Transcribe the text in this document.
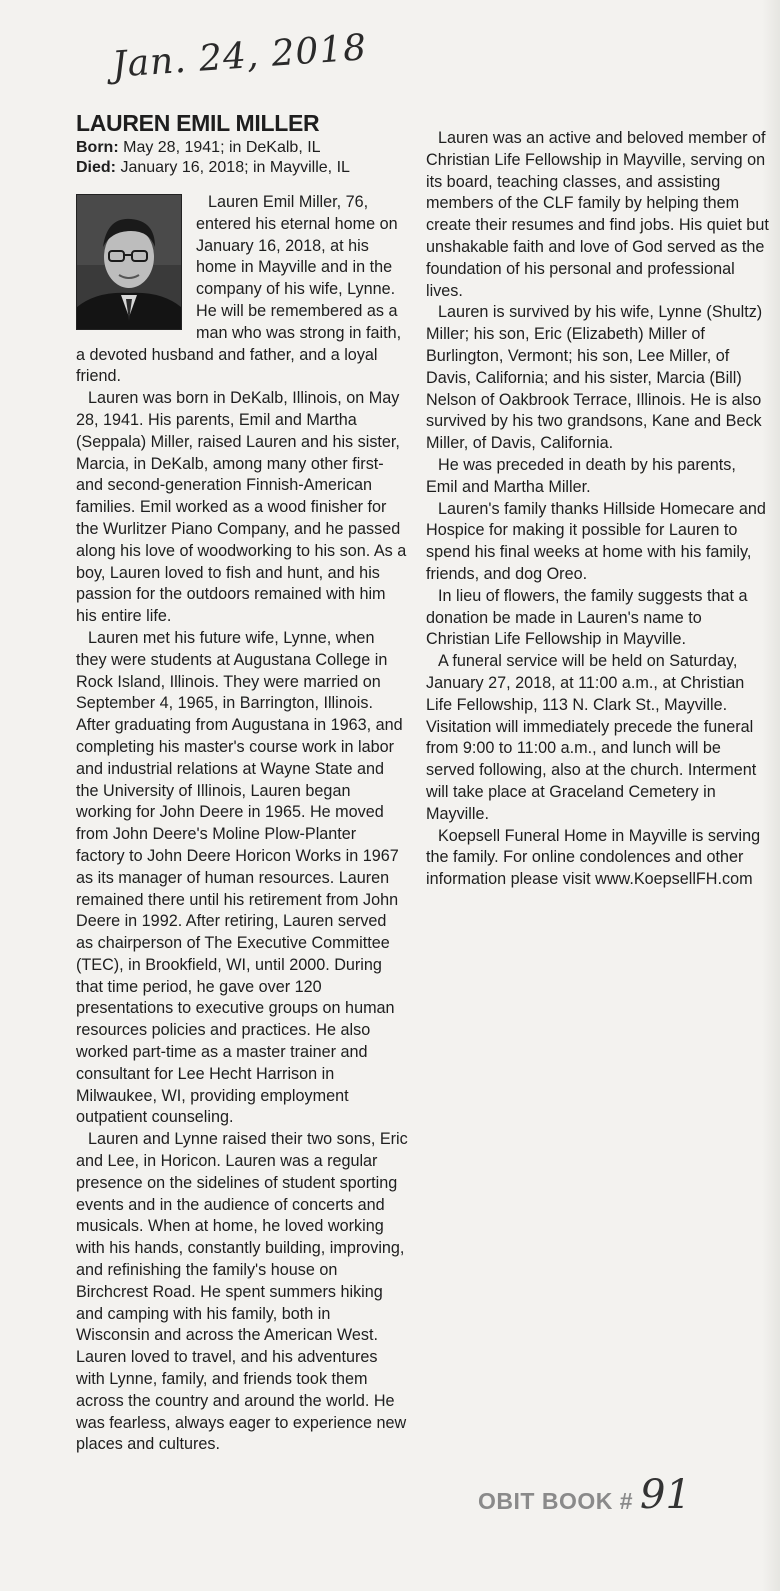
Jan. 24, 2018
LAUREN EMIL MILLER
Born: May 28, 1941; in DeKalb, IL
Died: January 16, 2018; in Mayville, IL

Lauren Emil Miller, 76, entered his eternal home on January 16, 2018, at his home in Mayville and in the company of his wife, Lynne. He will be remembered as a man who was strong in faith, a devoted husband and father, and a loyal friend.

Lauren was born in DeKalb, Illinois, on May 28, 1941. His parents, Emil and Martha (Seppala) Miller, raised Lauren and his sister, Marcia, in DeKalb, among many other first- and second-generation Finnish-American families. Emil worked as a wood finisher for the Wurlitzer Piano Company, and he passed along his love of woodworking to his son. As a boy, Lauren loved to fish and hunt, and his passion for the outdoors remained with him his entire life.

Lauren met his future wife, Lynne, when they were students at Augustana College in Rock Island, Illinois. They were married on September 4, 1965, in Barrington, Illinois. After graduating from Augustana in 1963, and completing his master's course work in labor and industrial relations at Wayne State and the University of Illinois, Lauren began working for John Deere in 1965. He moved from John Deere's Moline Plow-Planter factory to John Deere Horicon Works in 1967 as its manager of human resources. Lauren remained there until his retirement from John Deere in 1992. After retiring, Lauren served as chairperson of The Executive Committee (TEC), in Brookfield, WI, until 2000. During that time period, he gave over 120 presentations to executive groups on human resources policies and practices. He also worked part-time as a master trainer and consultant for Lee Hecht Harrison in Milwaukee, WI, providing employment outpatient counseling.

Lauren and Lynne raised their two sons, Eric and Lee, in Horicon. Lauren was a regular presence on the sidelines of student sporting events and in the audience of concerts and musicals. When at home, he loved working with his hands, constantly building, improving, and refinishing the family's house on Birchcrest Road. He spent summers hiking and camping with his family, both in Wisconsin and across the American West. Lauren loved to travel, and his adventures with Lynne, family, and friends took them across the country and around the world. He was fearless, always eager to experience new places and cultures.

Lauren was an active and beloved member of Christian Life Fellowship in Mayville, serving on its board, teaching classes, and assisting members of the CLF family by helping them create their resumes and find jobs. His quiet but unshakable faith and love of God served as the foundation of his personal and professional lives.

Lauren is survived by his wife, Lynne (Shultz) Miller; his son, Eric (Elizabeth) Miller of Burlington, Vermont; his son, Lee Miller, of Davis, California; and his sister, Marcia (Bill) Nelson of Oakbrook Terrace, Illinois. He is also survived by his two grandsons, Kane and Beck Miller, of Davis, California.

He was preceded in death by his parents, Emil and Martha Miller.

Lauren's family thanks Hillside Homecare and Hospice for making it possible for Lauren to spend his final weeks at home with his family, friends, and dog Oreo.

In lieu of flowers, the family suggests that a donation be made in Lauren's name to Christian Life Fellowship in Mayville.

A funeral service will be held on Saturday, January 27, 2018, at 11:00 a.m., at Christian Life Fellowship, 113 N. Clark St., Mayville. Visitation will immediately precede the funeral from 9:00 to 11:00 a.m., and lunch will be served following, also at the church. Interment will take place at Graceland Cemetery in Mayville.

Koepsell Funeral Home in Mayville is serving the family. For online condolences and other information please visit www.KoepsellFH.com

OBIT BOOK # 91
